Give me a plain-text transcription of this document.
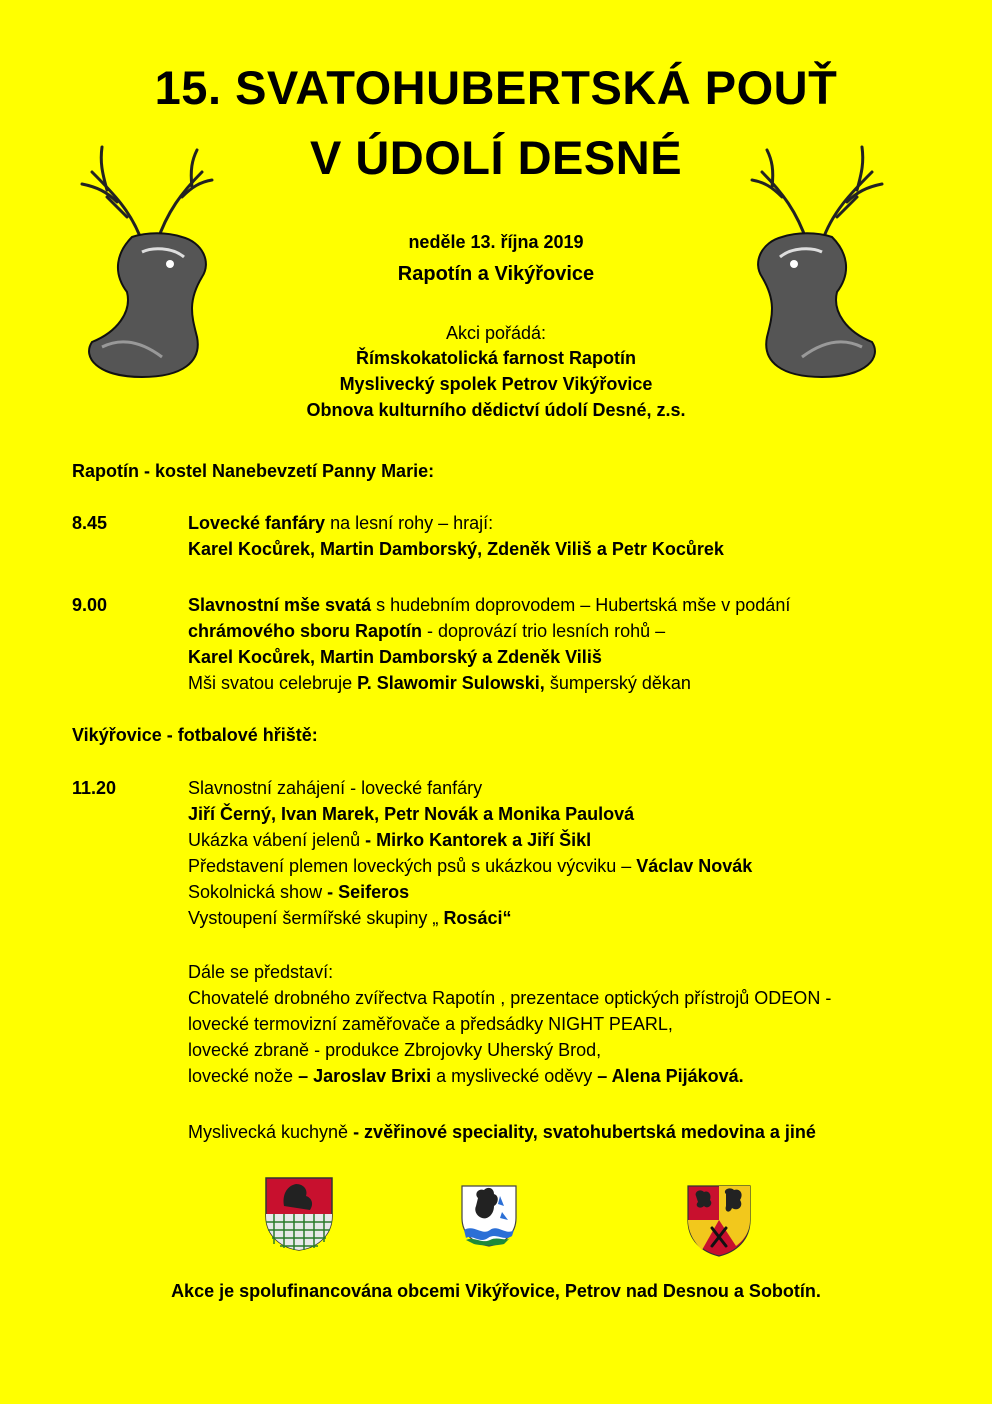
15. SVATOHUBERTSKÁ POUŤ
V ÚDOLÍ DESNÉ
neděle 13. října 2019
Rapotín a Vikýřovice
Akci pořádá:
Římskokatolická farnost Rapotín
Myslivecký spolek Petrov Vikýřovice
Obnova kulturního dědictví údolí Desné, z.s.
Rapotín - kostel Nanebevzetí Panny Marie:
8.45	Lovecké fanfáry na lesní rohy – hrají:
Karel Kocůrek, Martin Damborský, Zdeněk Viliš a Petr Kocůrek
9.00	Slavnostní mše svatá s hudebním doprovodem – Hubertská mše v podání
chrámového sboru Rapotín - doprovází trio lesních rohů –
Karel Kocůrek, Martin Damborský a Zdeněk Viliš
Mši svatou celebruje P. Slawomir Sulowski, šumperský děkan
Vikýřovice - fotbalové hřiště:
11.20	Slavnostní zahájení - lovecké fanfáry
Jiří Černý, Ivan Marek, Petr Novák a Monika Paulová
Ukázka vábení jelenů - Mirko Kantorek a Jiří Šikl
Představení plemen loveckých psů s ukázkou výcviku – Václav Novák
Sokolnická show - Seiferos
Vystoupení šermířské skupiny „ Rosáci“
Dále se představí:
Chovatelé drobného zvířectva Rapotín , prezentace optických přístrojů ODEON -
lovecké termovizní zaměřovače a předsádky NIGHT PEARL,
lovecké zbraně - produkce Zbrojovky Uherský Brod,
lovecké nože – Jaroslav Brixi a myslivecké oděvy – Alena Pijáková.
Myslivecká kuchyně - zvěřinové speciality, svatohubertská medovina a jiné
Akce je spolufinancována obcemi Vikýřovice, Petrov nad Desnou a Sobotín.
